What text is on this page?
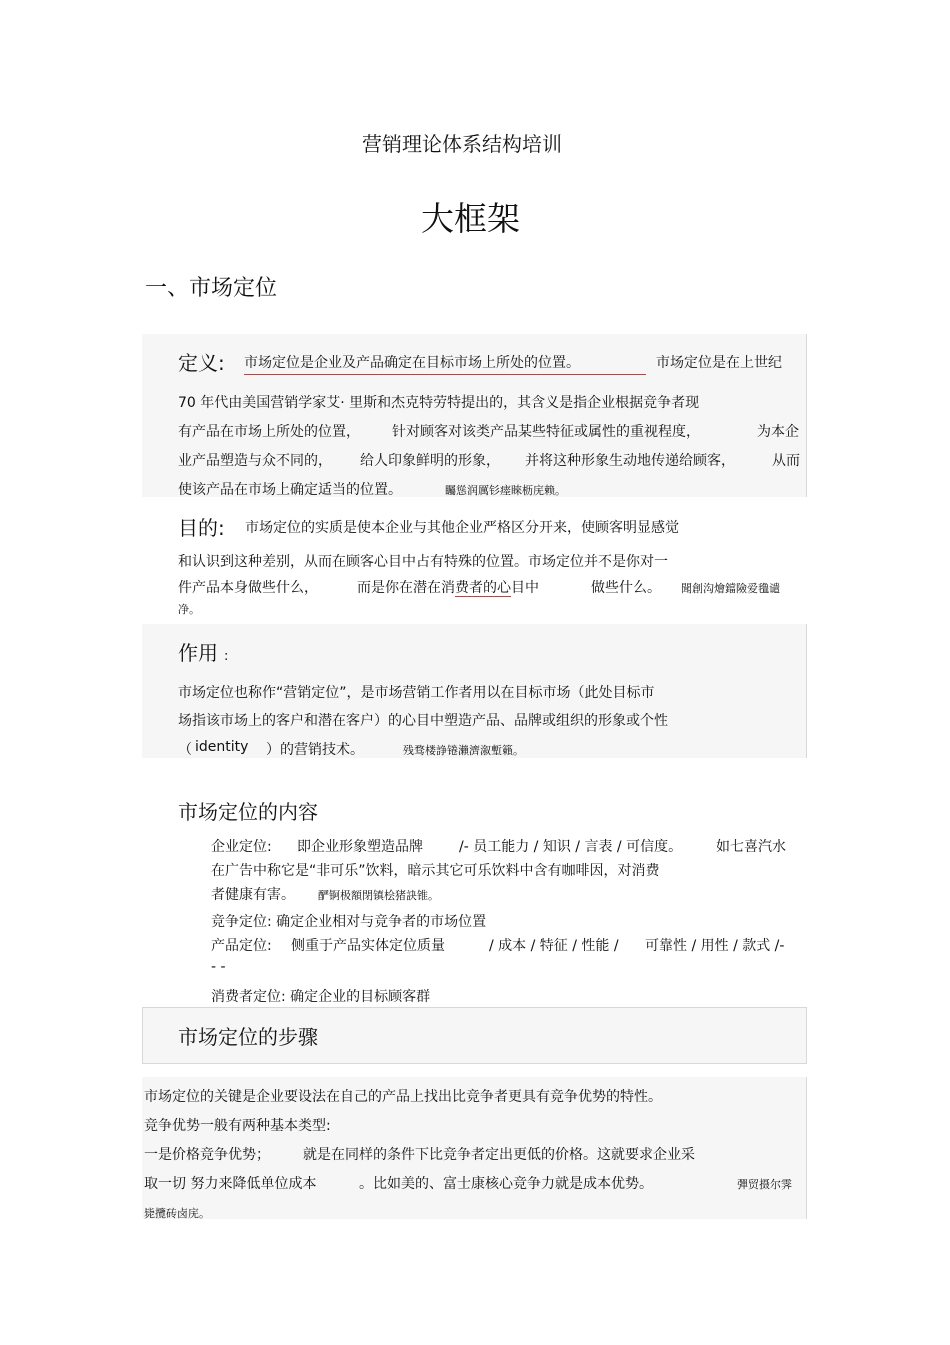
营销理论体系结构培训
大框架
一、市场定位
定义: 市场定位是企业及产品确定在目标市场上所处的位置。	市场定位是在上世纪
70 年代由美国营销学家艾· 里斯和杰克特劳特提出的，其含义是指企业根据竞争者现
有产品在市场上所处的位置， 针对顾客对该类产品某些特征或属性的重视程度，	为本企
业产品塑造与众不同的， 给人印象鲜明的形象， 并将这种形象生动地传递给顾客，	从而
使该产品在市场上确定适当的位置。	矚慫润厲钐瘗睞枥庑赖。
目的: 市场定位的实质是使本企业与其他企业严格区分开来，使顾客明显感觉
和认识到这种差别，从而在顾客心目中占有特殊的位置。市场定位并不是你对一
件产品本身做些什么，	而是你在潜在消费者的心目中	做些什么。 聞創沟燴鐺險爱氇谴
净。
作用 :
市场定位也称作“营销定位”，是市场营销工作者用以在目标市场（此处目标市
场指该市场上的客户和潜在客户）的心目中塑造产品、品牌或组织的形象或个性
（ identity ）的营销技术。	残骛楼諍锩瀨濟溆塹籟。
市场定位的内容
企业定位: 即企业形象塑造品牌	/- 员工能力 / 知识 / 言表 / 可信度。 如七喜汽水
在广告中称它是“非可乐”饮料，暗示其它可乐饮料中含有咖啡因，对消费
者健康有害。 酽锕极額閉镇桧猪訣锥。
竞争定位: 确定企业相对与竞争者的市场位置
产品定位: 侧重于产品实体定位质量	/ 成本 / 特征 / 性能 / 可靠性 / 用性 / 款式 /-
- -
消费者定位: 确定企业的目标顾客群
市场定位的步骤
市场定位的关键是企业要设法在自己的产品上找出比竞争者更具有竞争优势的特性。
竞争优势一般有两种基本类型:
一是价格竞争优势； 就是在同样的条件下比竞争者定出更低的价格。这就要求企业采
取一切 努力来降低单位成本	。比如美的、富士康核心竞争力就是成本优势。	彈贸摄尔霁
毙攬砖卤庑。
